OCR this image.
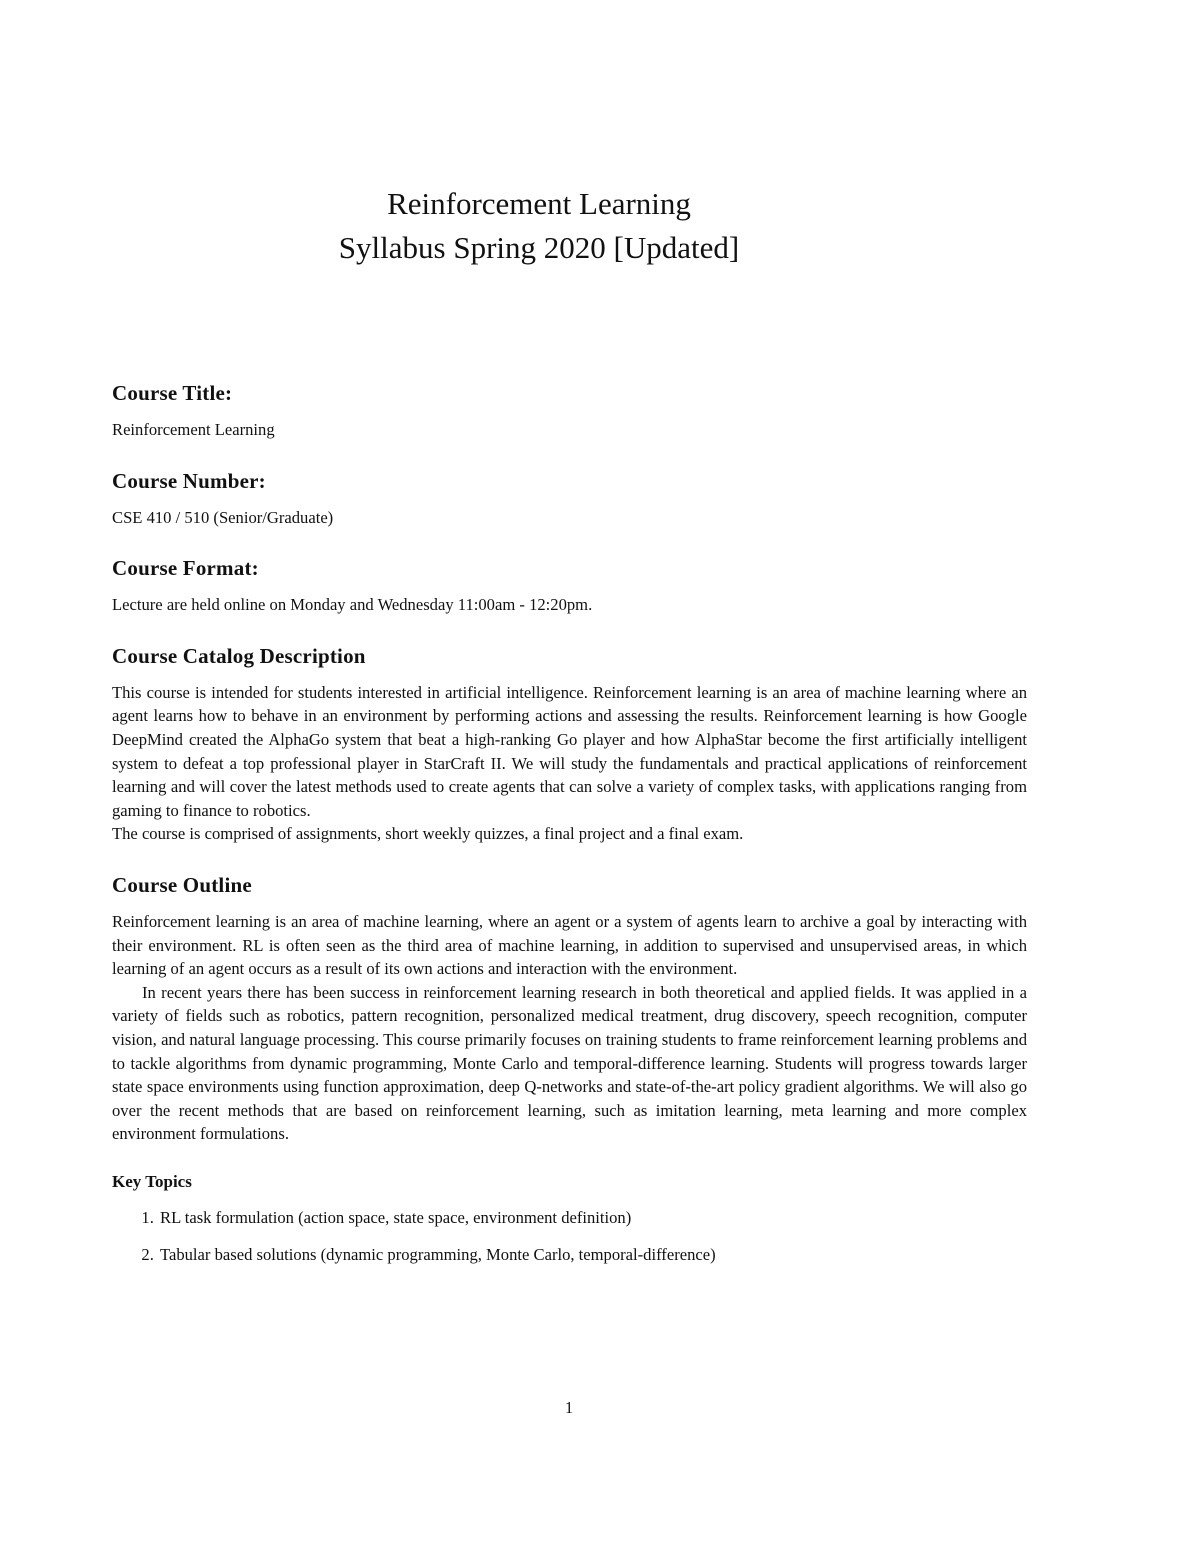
Reinforcement Learning
Syllabus Spring 2020 [Updated]
Course Title:

Reinforcement Learning

Course Number:

CSE 410 / 510 (Senior/Graduate)

Course Format:

Lecture are held online on Monday and Wednesday 11:00am - 12:20pm.

Course Catalog Description

This course is intended for students interested in artificial intelligence. Reinforcement learning is an area of machine learning where an agent learns how to behave in an environment by performing actions and assessing the results. Reinforcement learning is how Google DeepMind created the AlphaGo system that beat a high-ranking Go player and how AlphaStar become the first artificially intelligent system to defeat a top professional player in StarCraft II. We will study the fundamentals and practical applications of reinforcement learning and will cover the latest methods used to create agents that can solve a variety of complex tasks, with applications ranging from gaming to finance to robotics.

The course is comprised of assignments, short weekly quizzes, a final project and a final exam.

Course Outline

Reinforcement learning is an area of machine learning, where an agent or a system of agents learn to archive a goal by interacting with their environment. RL is often seen as the third area of machine learning, in addition to supervised and unsupervised areas, in which learning of an agent occurs as a result of its own actions and interaction with the environment.

In recent years there has been success in reinforcement learning research in both theoretical and applied fields. It was applied in a variety of fields such as robotics, pattern recognition, personalized medical treatment, drug discovery, speech recognition, computer vision, and natural language processing. This course primarily focuses on training students to frame reinforcement learning problems and to tackle algorithms from dynamic programming, Monte Carlo and temporal-difference learning. Students will progress towards larger state space environments using function approximation, deep Q-networks and state-of-the-art policy gradient algorithms. We will also go over the recent methods that are based on reinforcement learning, such as imitation learning, meta learning and more complex environment formulations.

Key Topics
1. RL task formulation (action space, state space, environment definition)
2. Tabular based solutions (dynamic programming, Monte Carlo, temporal-difference)
1
